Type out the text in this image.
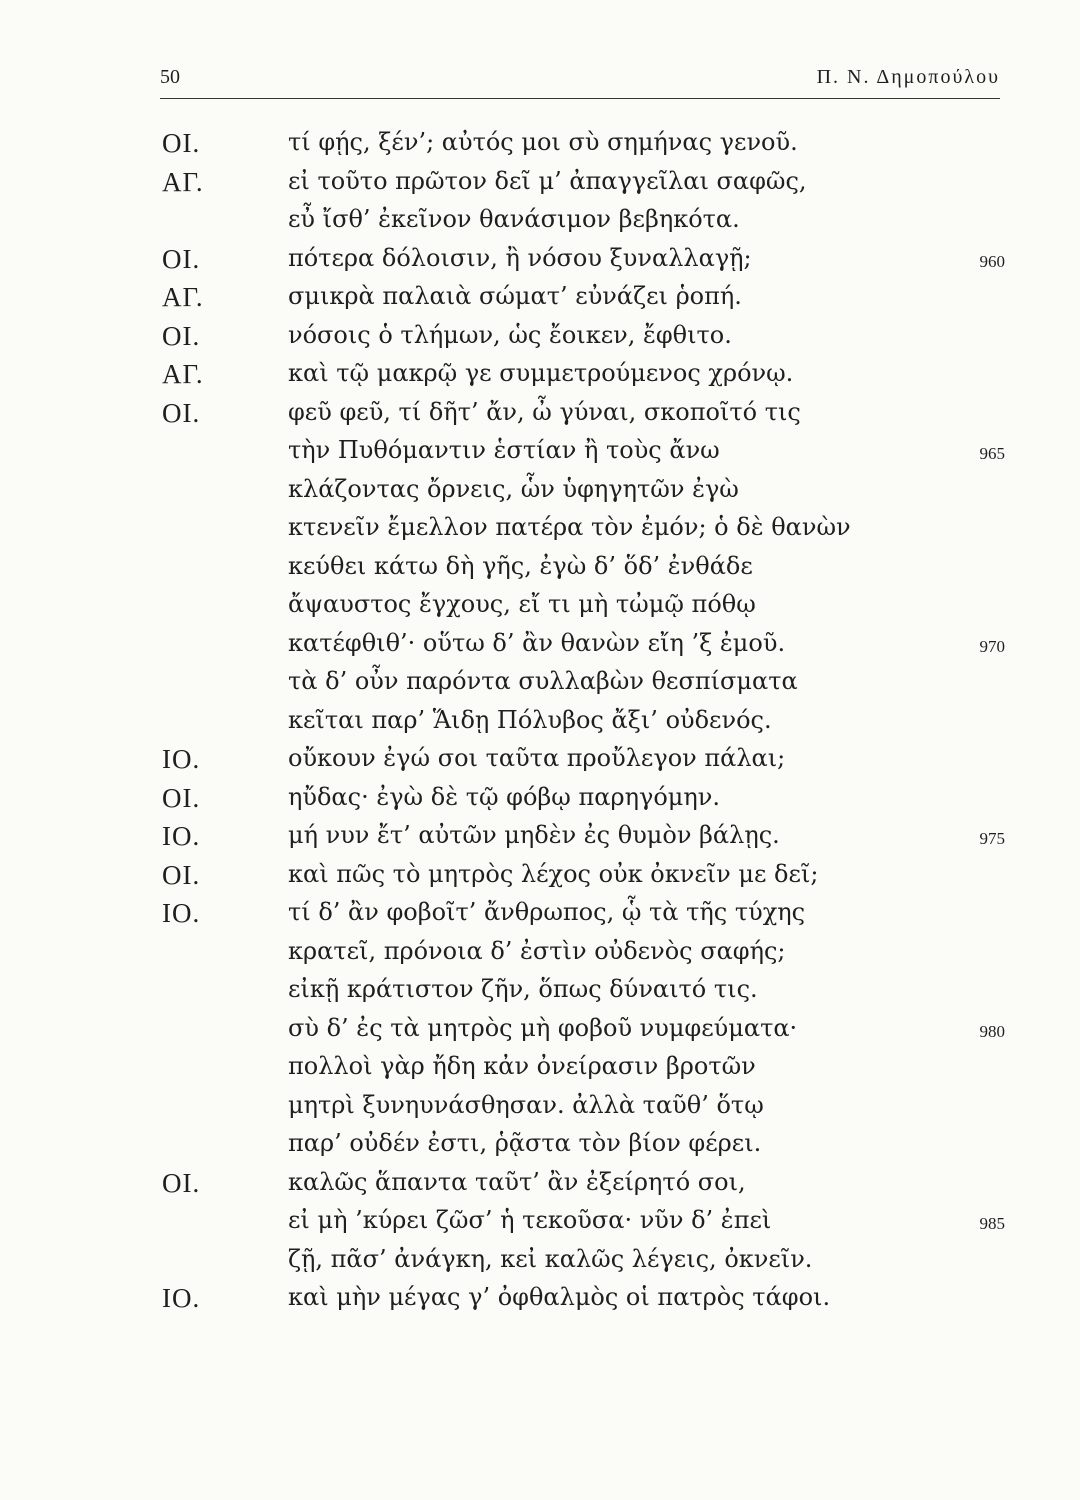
50	Π. Ν. Δημοπούλου
ΟΙ.	τί φῄς, ξέν’; αὐτός μοι σὺ σημήνας γενοῦ.
ΑΓ.	εἰ τοῦτο πρῶτον δεῖ μ’ ἀπαγγεῖλαι σαφῶς,
εὖ ἴσθ’ ἐκεῖνον θανάσιμον βεβηκότα.
ΟΙ.	πότερα δόλοισιν, ἢ νόσου ξυναλλαγῇ;	960
ΑΓ.	σμικρὰ παλαιὰ σώματ’ εὐνάζει ῥοπή.
ΟΙ.	νόσοις ὁ τλήμων, ὡς ἔοικεν, ἔφθιτο.
ΑΓ.	καὶ τῷ μακρῷ γε συμμετρούμενος χρόνῳ.
ΟΙ.	φεῦ φεῦ, τί δῆτ’ ἄν, ὦ γύναι, σκοποῖτό τις
τὴν Πυθόμαντιν ἑστίαν ἢ τοὺς ἄνω	965
κλάζοντας ὄρνεις, ὧν ὑφηγητῶν ἐγὼ
κτενεῖν ἔμελλον πατέρα τὸν ἐμόν; ὁ δὲ θανὼν
κεύθει κάτω δὴ γῆς, ἐγὼ δ’ ὅδ’ ἐνθάδε
ἄψαυστος ἔγχους, εἴ τι μὴ τὠμῷ πόθῳ
κατέφθιθ’· οὕτω δ’ ἂν θανὼν εἴη ’ξ ἐμοῦ.	970
τὰ δ’ οὖν παρόντα συλλαβὼν θεσπίσματα
κεῖται παρ’ Ἅιδῃ Πόλυβος ἄξι’ οὐδενός.
ΙΟ.	οὔκουν ἐγώ σοι ταῦτα προὔλεγον πάλαι;
ΟΙ.	ηὔδας· ἐγὼ δὲ τῷ φόβῳ παρηγόμην.
ΙΟ.	μή νυν ἔτ’ αὐτῶν μηδὲν ἐς θυμὸν βάλῃς.	975
ΟΙ.	καὶ πῶς τὸ μητρὸς λέχος οὐκ ὀκνεῖν με δεῖ;
ΙΟ.	τί δ’ ἂν φοβοῖτ’ ἄνθρωπος, ᾧ τὰ τῆς τύχης
κρατεῖ, πρόνοια δ’ ἐστὶν οὐδενὸς σαφής;
εἰκῇ κράτιστον ζῆν, ὅπως δύναιτό τις.
σὺ δ’ ἐς τὰ μητρὸς μὴ φοβοῦ νυμφεύματα·	980
πολλοὶ γὰρ ἤδη κἀν ὀνείρασιν βροτῶν
μητρὶ ξυνηυνάσθησαν. ἀλλὰ ταῦθ’ ὅτῳ
παρ’ οὐδέν ἐστι, ῥᾷστα τὸν βίον φέρει.
ΟΙ.	καλῶς ἅπαντα ταῦτ’ ἂν ἐξείρητό σοι,
εἰ μὴ ’κύρει ζῶσ’ ἡ τεκοῦσα· νῦν δ’ ἐπεὶ	985
ζῇ, πᾶσ’ ἀνάγκη, κεἰ καλῶς λέγεις, ὀκνεῖν.
ΙΟ.	καὶ μὴν μέγας γ’ ὀφθαλμὸς οἱ πατρὸς τάφοι.
